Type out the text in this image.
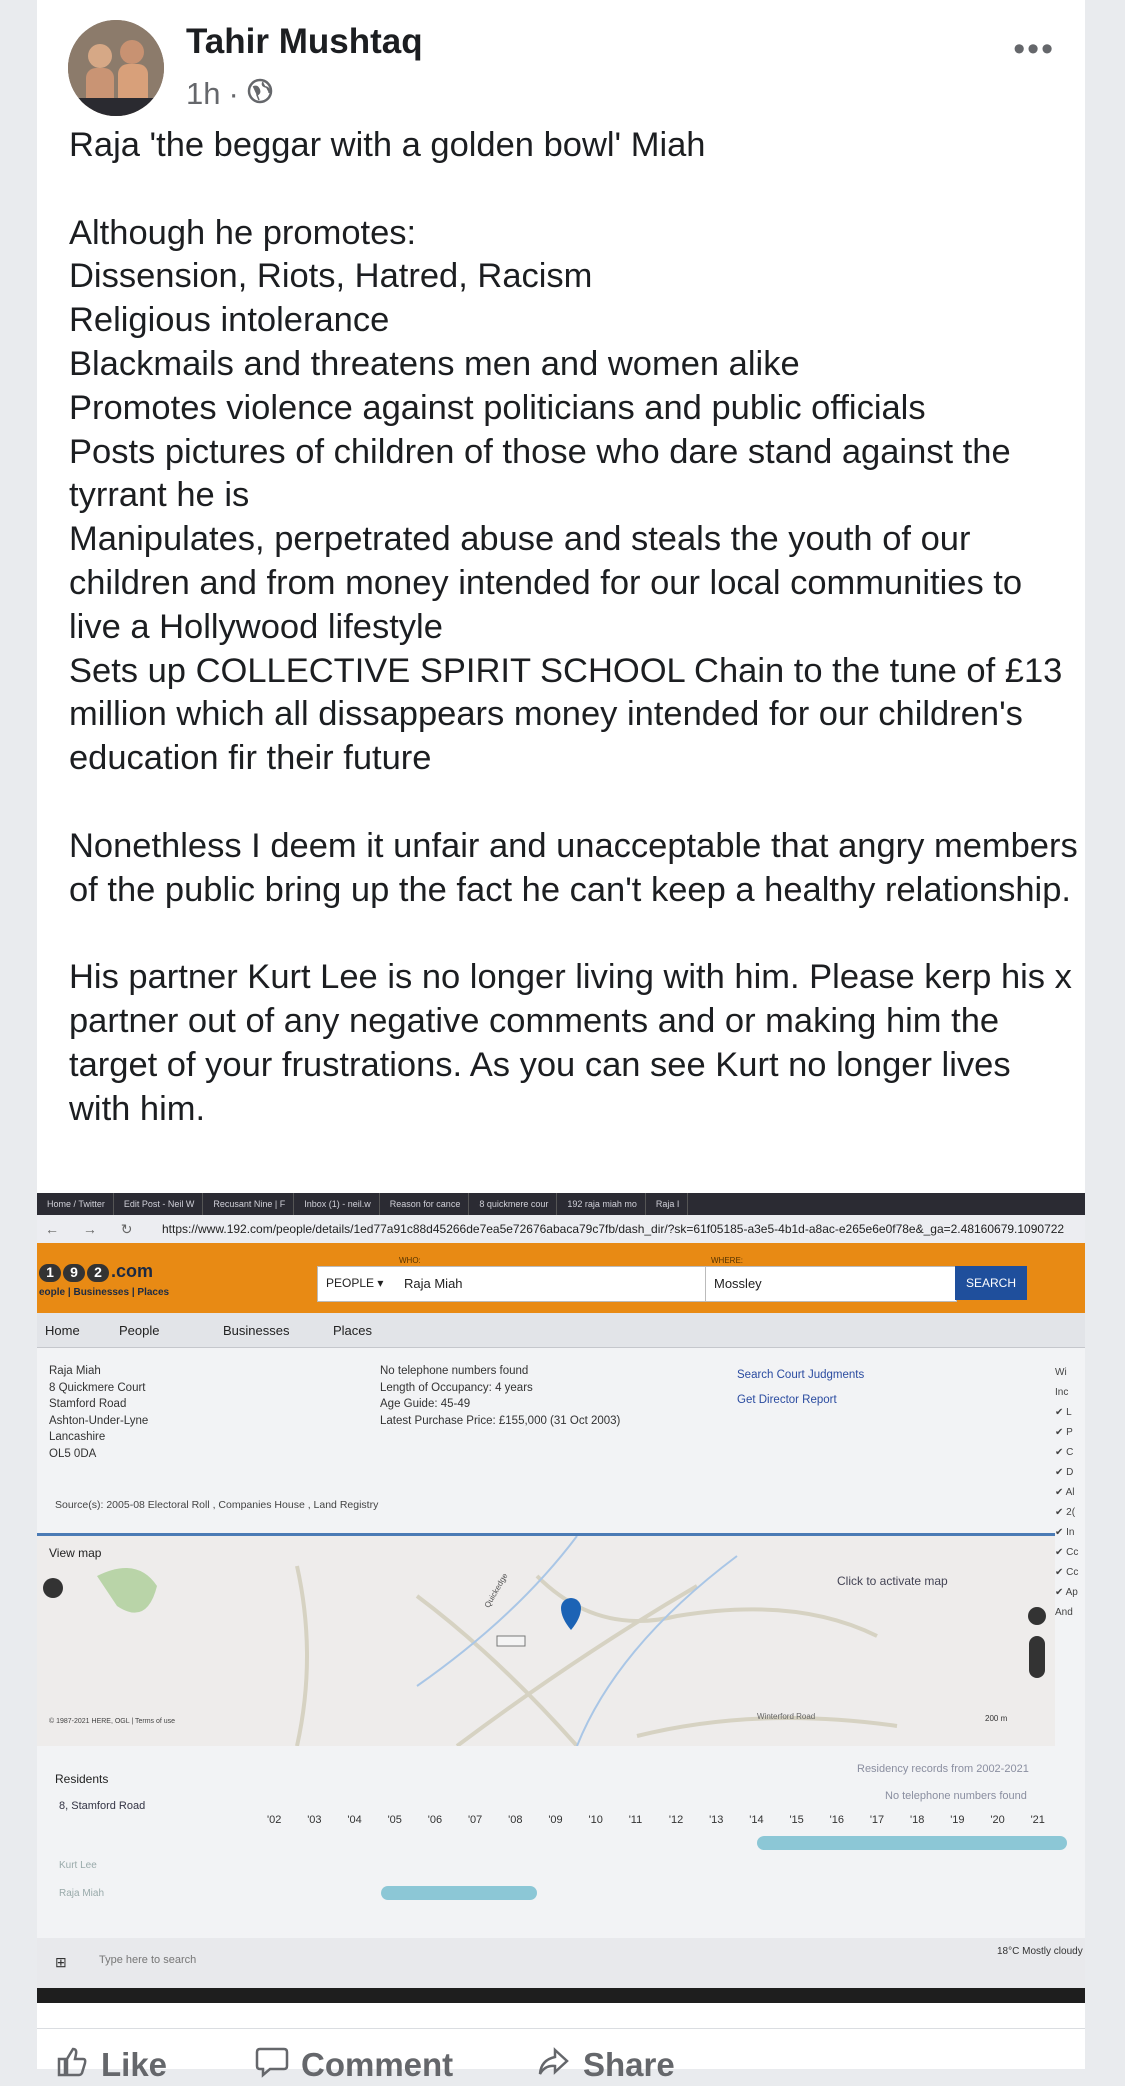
Tahir Mushtaq
1h ·
•••

Raja 'the beggar with a golden bowl' Miah

Although he promotes:

Dissension, Riots, Hatred, Racism

Religious intolerance

Blackmails and threatens men and women alike

Promotes violence against politicians and public officials

Posts pictures of children of those who dare stand against the tyrrant he is

Manipulates, perpetrated abuse and steals the youth of our children and from money intended for our local communities to live a Hollywood lifestyle

Sets up COLLECTIVE SPIRIT SCHOOL Chain to the tune of £13 million which all dissappears money intended for our children's education fir their future

Nonethless I deem it unfair and unacceptable that angry members of the public bring up the fact he can't keep a healthy relationship.

His partner Kurt Lee is no longer living with him. Please kerp his x partner out of any negative comments and or making him the target of your frustrations. As you can see Kurt no longer lives with him.

Home / Twitter	Edit Post - Neil W	Recusant Nine | F	Inbox (1) - neil.w	Reason for cance	8 quickmere cour	192 raja miah mo	Raja I
← → ↻ https://www.192.com/people/details/1ed77a91c88d45266de7ea5e72676abaca79c7fb/dash_dir/?sk=61f05185-a3e5-4b1d-a8ac-e265e6e0f78e&_ga=2.48160679.1090722
1 9 2 .com
eople | Businesses | Places
WHO:	WHERE:
PEOPLE ▾ Raja Miah	Mossley	SEARCH
Home	People	Businesses	Places
Raja Miah
8 Quickmere Court
Stamford Road
Ashton-Under-Lyne
Lancashire
OL5 0DA
No telephone numbers found
Length of Occupancy: 4 years
Age Guide: 45-49
Latest Purchase Price: £155,000 (31 Oct 2003)
Search Court Judgments
Get Director Report
Source(s): 2005-08 Electoral Roll , Companies House , Land Registry
Wi
Inc
✔ L
✔ P
✔ C
✔ D
✔ Al
✔ 2(
✔ In
✔ Cc
✔ Cc
✔ Ap
And
View map
Click to activate map
Winterford Road
Quickedge
© 1987-2021 HERE, OGL | Terms of use	200 m
Residents
8, Stamford Road
Residency records from 2002-2021
No telephone numbers found
'02	'03	'04	'05	'06	'07	'08	'09	'10	'11	'12	'13	'14	'15	'16	'17	'18	'19	'20	'21
Kurt Lee
Raja Miah
⊞	Type here to search
18°C Mostly cloudy
Like	Comment	Share
